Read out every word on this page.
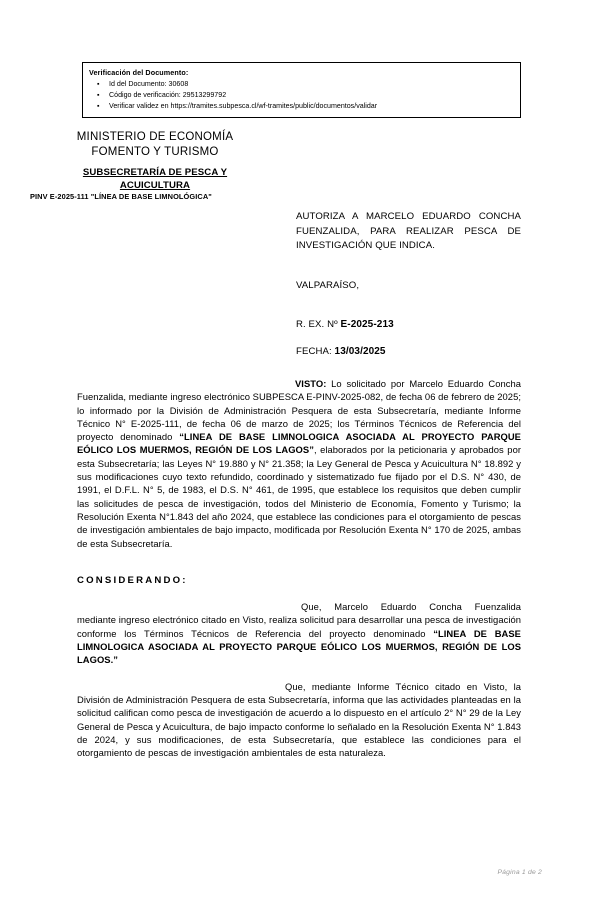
Verificación del Documento:
▪ Id del Documento: 30608
▪ Código de verificación: 29513299792
▪ Verificar validez en https://tramites.subpesca.cl/wf-tramites/public/documentos/validar
MINISTERIO DE ECONOMÍA
FOMENTO Y TURISMO
SUBSECRETARÍA DE PESCA Y
ACUICULTURA
PINV E-2025-111 "LÍNEA DE BASE LIMNOLÓGICA"
AUTORIZA A MARCELO EDUARDO CONCHA FUENZALIDA, PARA REALIZAR PESCA DE INVESTIGACIÓN QUE INDICA.
VALPARAÍSO,
R. EX. Nº E-2025-213
FECHA: 13/03/2025

VISTO: Lo solicitado por Marcelo Eduardo Concha Fuenzalida, mediante ingreso electrónico SUBPESCA E-PINV-2025-082, de fecha 06 de febrero de 2025; lo informado por la División de Administración Pesquera de esta Subsecretaría, mediante Informe Técnico N° E-2025-111, de fecha 06 de marzo de 2025; los Términos Técnicos de Referencia del proyecto denominado “LINEA DE BASE LIMNOLOGICA ASOCIADA AL PROYECTO PARQUE EÓLICO LOS MUERMOS, REGIÓN DE LOS LAGOS”, elaborados por la peticionaria y aprobados por esta Subsecretaría; las Leyes N° 19.880 y N° 21.358; la Ley General de Pesca y Acuicultura N° 18.892 y sus modificaciones cuyo texto refundido, coordinado y sistematizado fue fijado por el D.S. N° 430, de 1991, el D.F.L. N° 5, de 1983, el D.S. N° 461, de 1995, que establece los requisitos que deben cumplir las solicitudes de pesca de investigación, todos del Ministerio de Economía, Fomento y Turismo; la Resolución Exenta N°1.843 del año 2024, que establece las condiciones para el otorgamiento de pescas de investigación ambientales de bajo impacto, modificada por Resolución Exenta N° 170 de 2025, ambas de esta Subsecretaría.

CONSIDERANDO:

Que, Marcelo Eduardo Concha Fuenzalida mediante ingreso electrónico citado en Visto, realiza solicitud para desarrollar una pesca de investigación conforme los Términos Técnicos de Referencia del proyecto denominado “LINEA DE BASE LIMNOLOGICA ASOCIADA AL PROYECTO PARQUE EÓLICO LOS MUERMOS, REGIÓN DE LOS LAGOS.”

Que, mediante Informe Técnico citado en Visto, la División de Administración Pesquera de esta Subsecretaría, informa que las actividades planteadas en la solicitud califican como pesca de investigación de acuerdo a lo dispuesto en el artículo 2° N° 29 de la Ley General de Pesca y Acuicultura, de bajo impacto conforme lo señalado en la Resolución Exenta N° 1.843 de 2024, y sus modificaciones, de esta Subsecretaría, que establece las condiciones para el otorgamiento de pescas de investigación ambientales de esta naturaleza.

Página 1 de 2
